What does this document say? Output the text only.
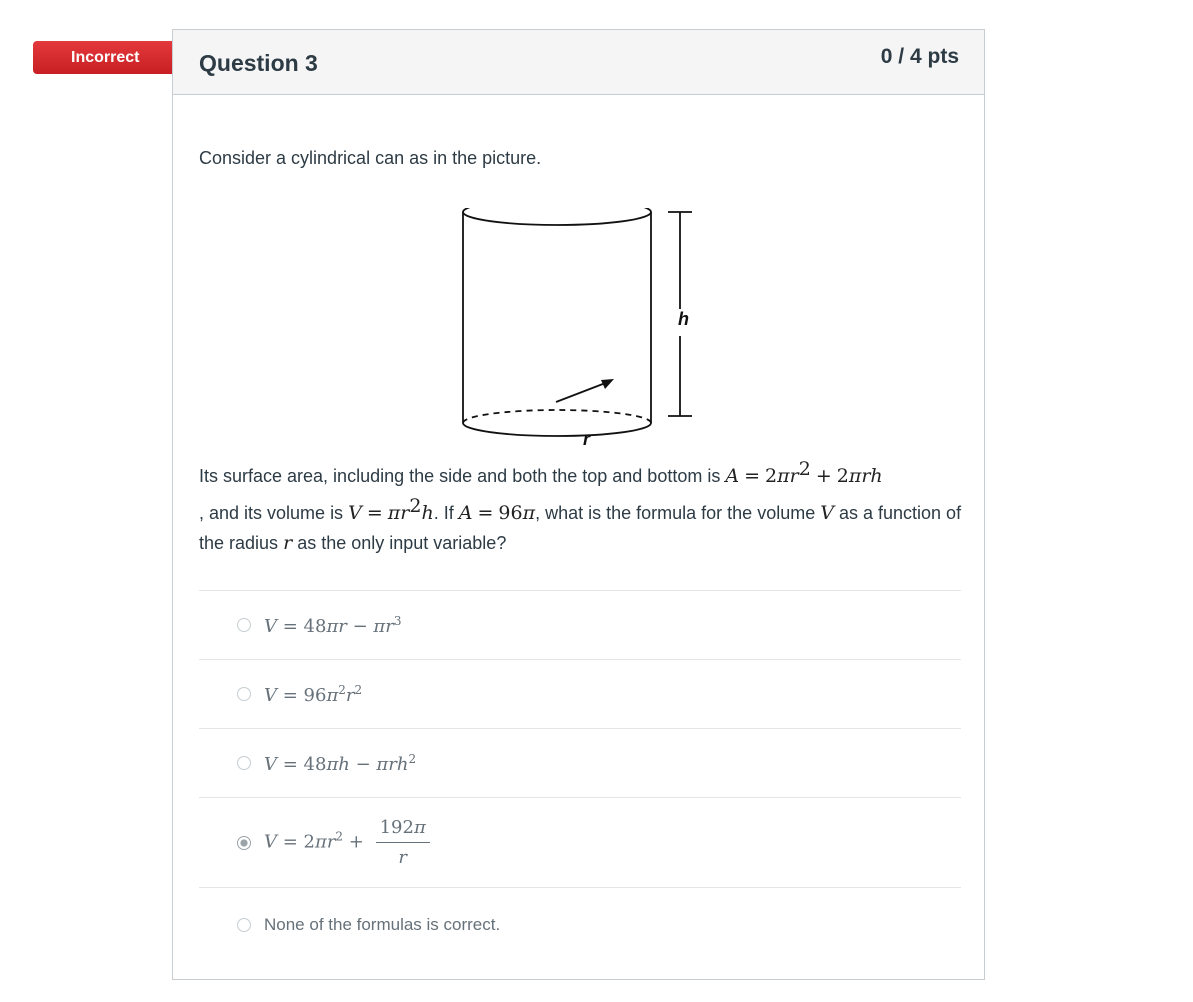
Incorrect	Question 3	0 / 4 pts
Consider a cylindrical can as in the picture.
h
r
Its surface area, including the side and both the top and bottom is $A = 2\pi r^2 + 2\pi rh$
, and its volume is $V = \pi r^2h$. If A = 96π, what is the formula for the volume V as a function of the radius r as the only input variable?
$V = 48\pi r - \pi r^3$
$V = 96\pi^2r^2$
V = 48πh − πrh$^2$
$V = 2\pi r^2 + \frac{192\pi}{r}$
None of the formulas is correct.
